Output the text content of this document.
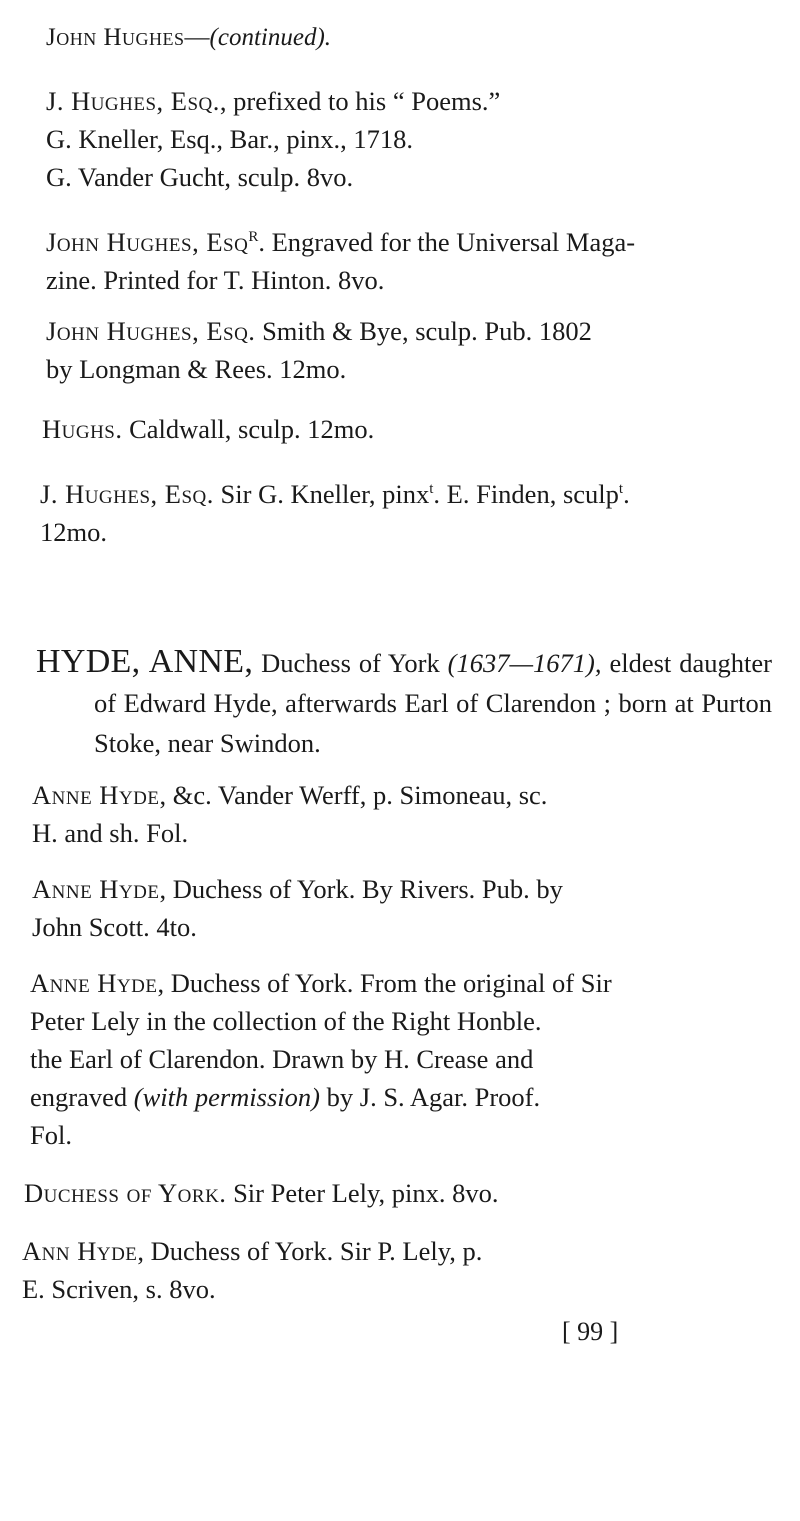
John Hughes—(continued).
J. Hughes, Esq., prefixed to his “ Poems.”
G. Kneller, Esq., Bar., pinx., 1718.
G. Vander Gucht, sculp. 8vo.
John Hughes, Esq$^R$. Engraved for the Universal Maga-
zine. Printed for T. Hinton. 8vo.
John Hughes, Esq. Smith & Bye, sculp. Pub. 1802
by Longman & Rees. 12mo.
Hughs. Caldwall, sculp. 12mo.
J. Hughes, Esq. Sir G. Kneller, pinx$^t$. E. Finden, sculp$^t$.
12mo.
HYDE, ANNE, Duchess of York (1637—1671), eldest daughter of Edward Hyde, afterwards Earl of Clarendon ; born at Purton Stoke, near Swindon.
Anne Hyde, &c. Vander Werff, p. Simoneau, sc.
H. and sh. Fol.
Anne Hyde, Duchess of York. By Rivers. Pub. by
John Scott. 4to.
Anne Hyde, Duchess of York. From the original of Sir
Peter Lely in the collection of the Right Honble.
the Earl of Clarendon. Drawn by H. Crease and
engraved (with permission) by J. S. Agar. Proof.
Fol.
Duchess of York. Sir Peter Lely, pinx. 8vo.
Ann Hyde, Duchess of York. Sir P. Lely, p.
E. Scriven, s. 8vo.
[ 99 ]
